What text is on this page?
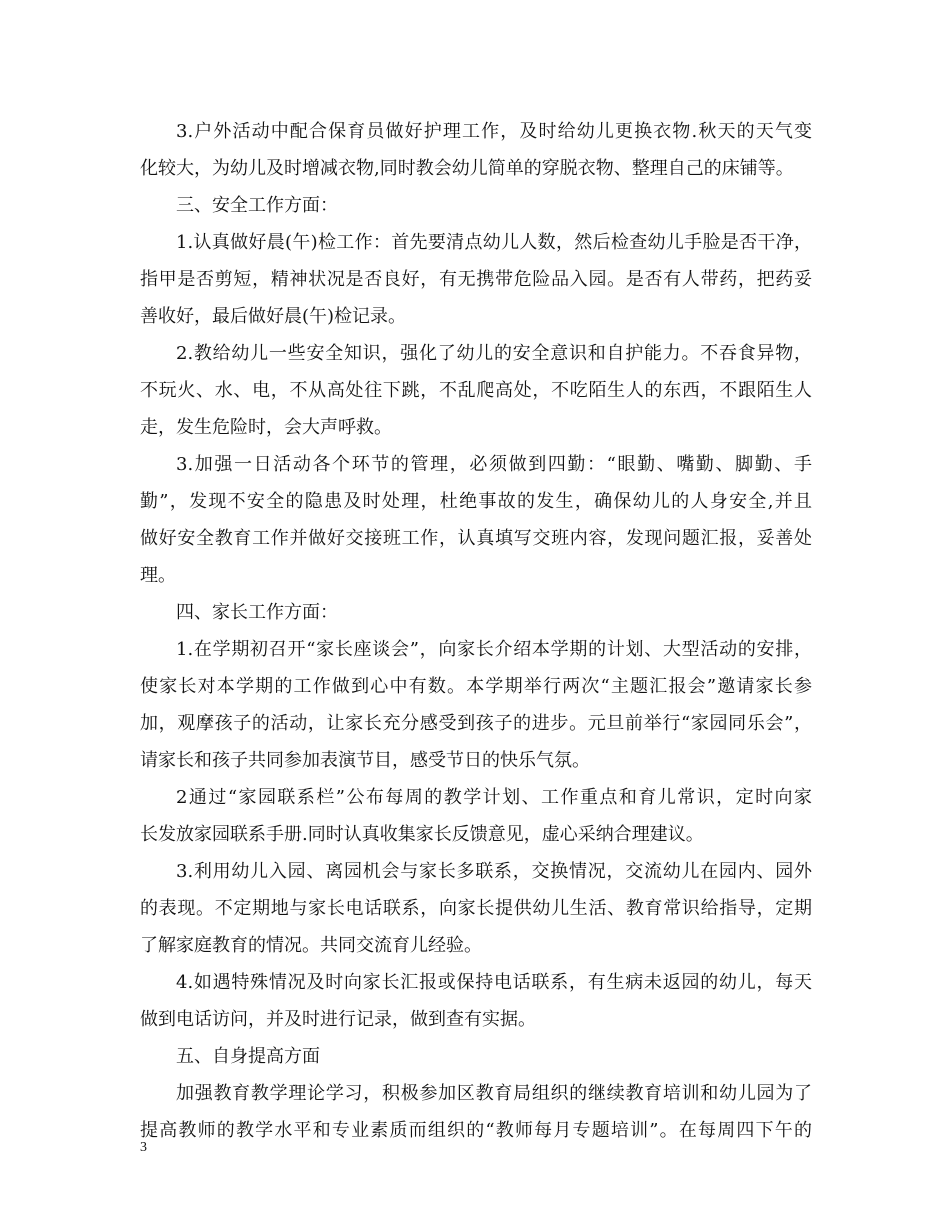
3.户外活动中配合保育员做好护理工作，及时给幼儿更换衣物.秋天的天气变
化较大，为幼儿及时增减衣物,同时教会幼儿简单的穿脱衣物、整理自己的床铺等。
三、安全工作方面：
1.认真做好晨(午)检工作：首先要清点幼儿人数，然后检查幼儿手脸是否干净，
指甲是否剪短，精神状况是否良好，有无携带危险品入园。是否有人带药，把药妥
善收好，最后做好晨(午)检记录。
2.教给幼儿一些安全知识，强化了幼儿的安全意识和自护能力。不吞食异物，
不玩火、水、电，不从高处往下跳，不乱爬高处，不吃陌生人的东西，不跟陌生人
走，发生危险时，会大声呼救。
3.加强一日活动各个环节的管理，必须做到四勤：“眼勤、嘴勤、脚勤、手
勤”，发现不安全的隐患及时处理，杜绝事故的发生，确保幼儿的人身安全,并且
做好安全教育工作并做好交接班工作，认真填写交班内容，发现问题汇报，妥善处
理。
四、家长工作方面：
1.在学期初召开“家长座谈会”，向家长介绍本学期的计划、大型活动的安排，
使家长对本学期的工作做到心中有数。本学期举行两次“主题汇报会”邀请家长参
加，观摩孩子的活动，让家长充分感受到孩子的进步。元旦前举行“家园同乐会”，
请家长和孩子共同参加表演节目，感受节日的快乐气氛。
2通过“家园联系栏”公布每周的教学计划、工作重点和育儿常识，定时向家
长发放家园联系手册.同时认真收集家长反馈意见，虚心采纳合理建议。
3.利用幼儿入园、离园机会与家长多联系，交换情况，交流幼儿在园内、园外
的表现。不定期地与家长电话联系，向家长提供幼儿生活、教育常识给指导，定期
了解家庭教育的情况。共同交流育儿经验。
4.如遇特殊情况及时向家长汇报或保持电话联系，有生病未返园的幼儿，每天
做到电话访问，并及时进行记录，做到查有实据。
五、自身提高方面
加强教育教学理论学习，积极参加区教育局组织的继续教育培训和幼儿园为了
提高教师的教学水平和专业素质而组织的“教师每月专题培训”。在每周四下午的
3
